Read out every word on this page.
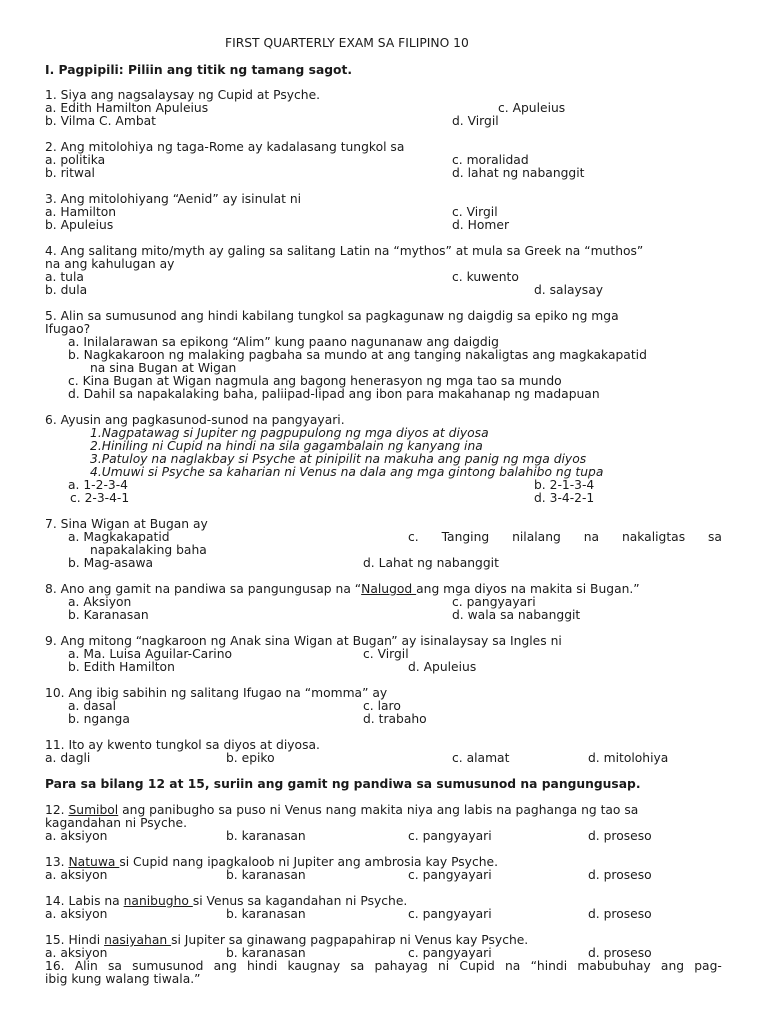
FIRST QUARTERLY EXAM SA FILIPINO 10
I. Pagpipili: Piliin ang titik ng tamang sagot.
1. Siya ang nagsalaysay ng Cupid at Psyche.
a. Edith Hamilton Apuleius	c. Apuleius
b. Vilma C. Ambat	d. Virgil
2. Ang mitolohiya ng taga-Rome ay kadalasang tungkol sa
a. politika	c. moralidad
b. ritwal	d. lahat ng nabanggit
3. Ang mitolohiyang “Aenid” ay isinulat ni
a. Hamilton	c. Virgil
b. Apuleius	d. Homer
4. Ang salitang mito/myth ay galing sa salitang Latin na “mythos” at mula sa Greek na “muthos”
na ang kahulugan ay
a. tula	c. kuwento
b. dula	d. salaysay
5. Alin sa sumusunod ang hindi kabilang tungkol sa pagkagunaw ng daigdig sa epiko ng mga
Ifugao?
a. Inilalarawan sa epikong “Alim” kung paano nagunanaw ang daigdig
b. Nagkakaroon ng malaking pagbaha sa mundo at ang tanging nakaligtas ang magkakapatid
na sina Bugan at Wigan
c. Kina Bugan at Wigan nagmula ang bagong henerasyon ng mga tao sa mundo
d. Dahil sa napakalaking baha, paliipad-lipad ang ibon para makahanap ng madapuan
6. Ayusin ang pagkasunod-sunod na pangyayari.
1.Nagpatawag si Jupiter ng pagpupulong ng mga diyos at diyosa
2.Hiniling ni Cupid na hindi na sila gagambalain ng kanyang ina
3.Patuloy na naglakbay si Psyche at pinipilit na makuha ang panig ng mga diyos
4.Umuwi si Psyche sa kaharian ni Venus na dala ang mga gintong balahibo ng tupa
a. 1-2-3-4	b. 2-1-3-4
c. 2-3-4-1	d. 3-4-2-1
7. Sina Wigan at Bugan ay
a. Magkakapatid	c. Tanging nilalang na nakaligtas sa
napakalaking baha
b. Mag-asawa	d. Lahat ng nabanggit
8. Ano ang gamit na pandiwa sa pangungusap na “Nalugod ang mga diyos na makita si Bugan.”
a. Aksiyon	c. pangyayari
b. Karanasan	d. wala sa nabanggit
9. Ang mitong “nagkaroon ng Anak sina Wigan at Bugan” ay isinalaysay sa Ingles ni
a. Ma. Luisa Aguilar-Carino	c. Virgil
b. Edith Hamilton	d. Apuleius
10. Ang ibig sabihin ng salitang Ifugao na “momma” ay
a. dasal	c. laro
b. nganga	d. trabaho
11. Ito ay kwento tungkol sa diyos at diyosa.
a. dagli	b. epiko	c. alamat	d. mitolohiya
Para sa bilang 12 at 15, suriin ang gamit ng pandiwa sa sumusunod na pangungusap.
12. Sumibol ang panibugho sa puso ni Venus nang makita niya ang labis na paghanga ng tao sa
kagandahan ni Psyche.
a. aksiyon	b. karanasan	c. pangyayari	d. proseso
13. Natuwa si Cupid nang ipagkaloob ni Jupiter ang ambrosia kay Psyche.
a. aksiyon	b. karanasan	c. pangyayari	d. proseso
14. Labis na nanibugho si Venus sa kagandahan ni Psyche.
a. aksiyon	b. karanasan	c. pangyayari	d. proseso
15. Hindi nasiyahan si Jupiter sa ginawang pagpapahirap ni Venus kay Psyche.
a. aksiyon	b. karanasan	c. pangyayari	d. proseso
16. Alin sa sumusunod ang hindi kaugnay sa pahayag ni Cupid na “hindi mabubuhay ang pag-
ibig kung walang tiwala.”
